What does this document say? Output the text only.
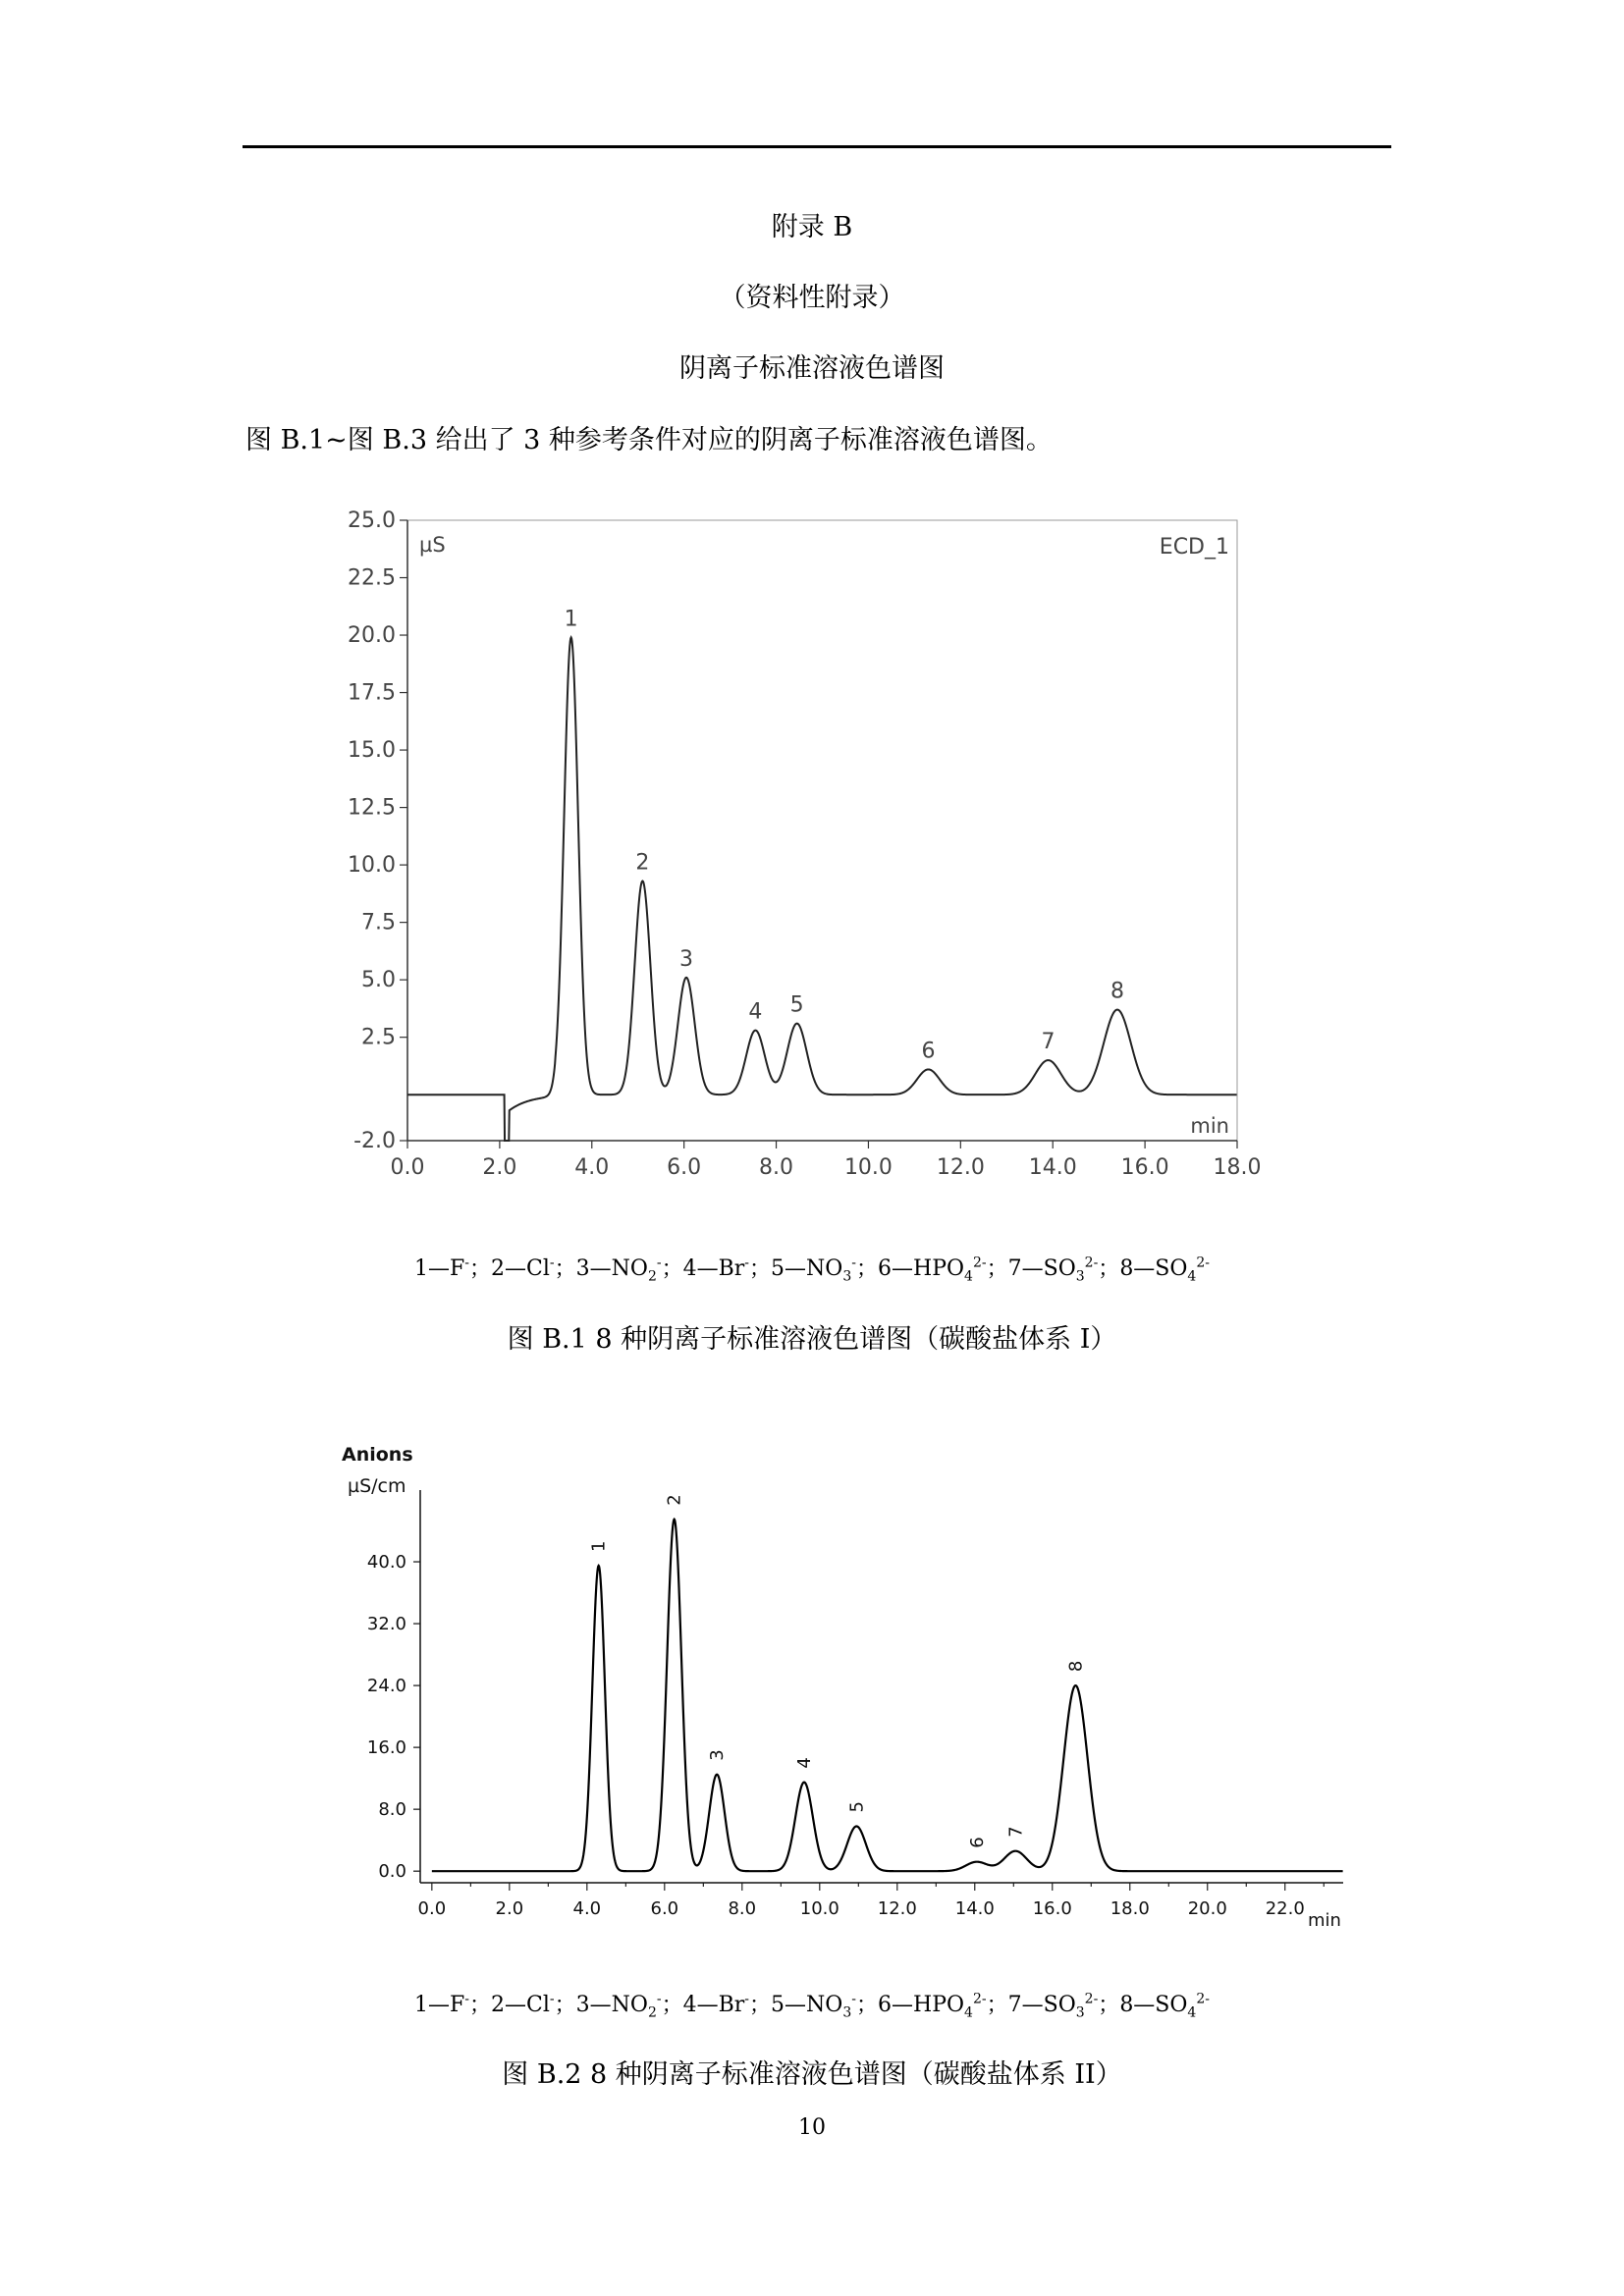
附录 B
（资料性附录）
阴离子标准溶液色谱图
图 B.1~图 B.3 给出了 3 种参考条件对应的阴离子标准溶液色谱图。
-2.0
2.5
5.0
7.5
10.0
12.5
15.0
17.5
20.0
22.5
25.0
0.0	2.0	4.0	6.0	8.0 10.0 12.0 14.0 16.0 18.0
µS	ECD_1
min
1
2
3
4 5
6	7
8
1—F-；2—Cl-；$3—NO_2^-$；4—Br-；$5—NO_3^-$；$6—HPO_4^{2-}$；$7—SO_3^{2-}$；$8—SO_4^{2-}$
图 B.1 8 种阴离子标准溶液色谱图（碳酸盐体系 I）
Anions
µS/cm
0.0
8.0
16.0
24.0
32.0
40.0
0.0	2.0	4.0	6.0	8.0 10.0 12.0 14.0 16.0 18.0 20.0 22.0
min
1
2
3
4
5
6
7
8
1—F-；2—Cl-；$3—NO_2^-$；4—Br-；$5—NO_3^-$；$6—HPO_4^{2-}$；$7—SO_3^{2-}$；$8—SO_4^{2-}$
图 B.2 8 种阴离子标准溶液色谱图（碳酸盐体系 II）
10
